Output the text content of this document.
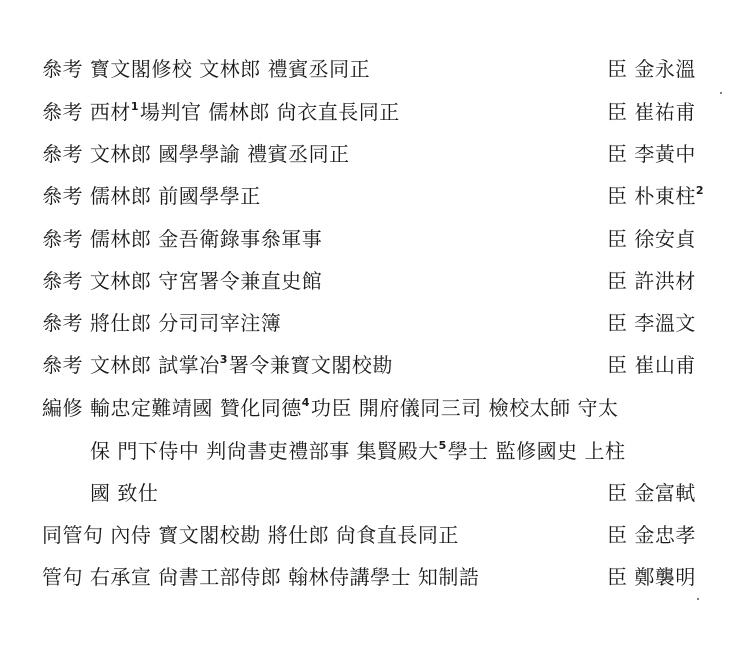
叅考 寳文閣修校 文林郎 禮賓丞同正	臣 金永溫
叅考 西材$^1$場判官 儒林郎 尙衣直長同正	臣 崔祐甫
叅考 文林郎 國學學諭 禮賓丞同正	臣 李黃中
叅考 儒林郎 前國學學正	臣 朴東柱$^2$
叅考 儒林郎 金吾衛錄事叅軍事	臣 徐安貞
叅考 文林郎 守宮署令兼直史館	臣 許洪材
叅考 將仕郎 分司司宰注簿	臣 李溫文
叅考 文林郎 試掌冶$^3$署令兼寳文閣校勘	臣 崔山甫
編修 輸忠定難靖國 贊化同德$^4$功臣 開府儀同三司 檢校太師 守太
保 門下侍中 判尙書吏禮部事 集賢殿大$^5$學士 監修國史 上柱
國 致仕	臣 金富軾
同管句 內侍 寳文閣校勘 將仕郎 尙食直長同正	臣 金忠孝
管句 右承宣 尙書工部侍郎 翰林侍講學士 知制誥	臣 鄭襲明
